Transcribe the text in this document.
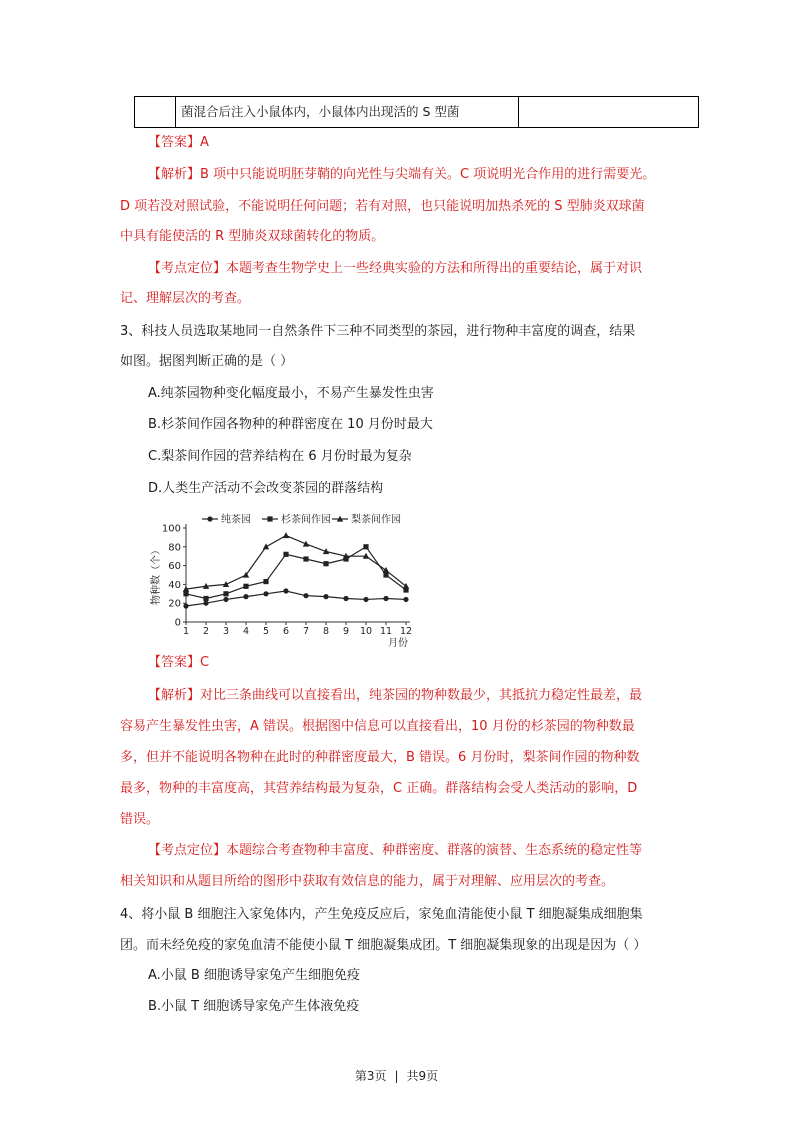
菌混合后注入小鼠体内，小鼠体内出现活的 S 型菌
【答案】A
【解析】B 项中只能说明胚芽鞘的向光性与尖端有关。C 项说明光合作用的进行需要光。
D 项若没对照试验，不能说明任何问题；若有对照，也只能说明加热杀死的 S 型肺炎双球菌
中具有能使活的 R 型肺炎双球菌转化的物质。
【考点定位】本题考查生物学史上一些经典实验的方法和所得出的重要结论，属于对识
记、理解层次的考查。
3、科技人员选取某地同一自然条件下三种不同类型的茶园，进行物种丰富度的调查，结果
如图。据图判断正确的是（ ）
A.纯茶园物种变化幅度最小，不易产生暴发性虫害
B.杉茶间作园各物种的种群密度在 10 月份时最大
C.梨茶间作园的营养结构在 6 月份时最为复杂
D.人类生产活动不会改变茶园的群落结构
0
20
40
60
80
100
1 2 3 4 5 6 7 8 9 10 11 12
月份
物种数（个）
纯茶园	杉茶间作园 梨茶间作园
【答案】C
【解析】对比三条曲线可以直接看出，纯茶园的物种数最少，其抵抗力稳定性最差，最
容易产生暴发性虫害，A 错误。根据图中信息可以直接看出，10 月份的杉茶园的物种数最
多，但并不能说明各物种在此时的种群密度最大，B 错误。6 月份时，梨茶间作园的物种数
最多，物种的丰富度高，其营养结构最为复杂，C 正确。群落结构会受人类活动的影响，D
错误。
【考点定位】本题综合考查物种丰富度、种群密度、群落的演替、生态系统的稳定性等
相关知识和从题目所给的图形中获取有效信息的能力，属于对理解、应用层次的考查。
4、将小鼠 B 细胞注入家兔体内，产生免疫反应后，家兔血清能使小鼠 T 细胞凝集成细胞集
团。而未经免疫的家兔血清不能使小鼠 T 细胞凝集成团。T 细胞凝集现象的出现是因为（ ）
A.小鼠 B 细胞诱导家兔产生细胞免疫
B.小鼠 T 细胞诱导家兔产生体液免疫
第3页 | 共9页
